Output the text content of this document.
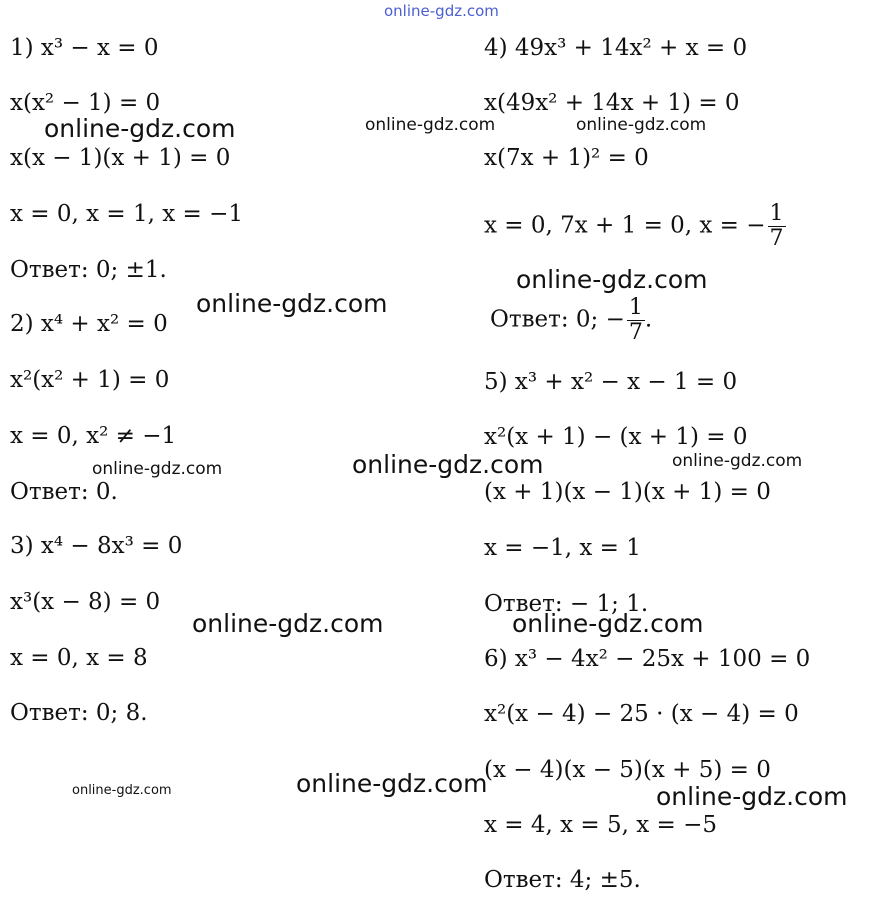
1) x³ − x = 0
x(x² − 1) = 0
x(x − 1)(x + 1) = 0
x = 0, x = 1, x = −1
Ответ: 0; ±1.
2) x⁴ + x² = 0
x²(x² + 1) = 0
x = 0, x² ≠ −1
Ответ: 0.
3) x⁴ − 8x³ = 0
x³(x − 8) = 0
x = 0, x = 8
Ответ: 0; 8.
4) 49x³ + 14x² + x = 0
x(49x² + 14x + 1) = 0
x(7x + 1)² = 0
x = 0, 7x + 1 = 0, x = − $\frac{1}{7}$
Ответ: 0; − $\frac{1}{7}$ .
5) x³ + x² − x − 1 = 0
x²(x + 1) − (x + 1) = 0
(x + 1)(x − 1)(x + 1) = 0
x = −1, x = 1
Ответ: − 1; 1.
6) x³ − 4x² − 25x + 100 = 0
x²(x − 4) − 25 · (x − 4) = 0
(x − 4)(x − 5)(x + 5) = 0
x = 4, x = 5, x = −5
Ответ: 4; ±5.
online-gdz.com
online-gdz.com	online-gdz.com	online-gdz.com
online-gdz.com
online-gdz.com
online-gdz.com	online-gdz.com	online-gdz.com
online-gdz.com	online-gdz.com
online-gdz.com	online-gdz.com	online-gdz.com
